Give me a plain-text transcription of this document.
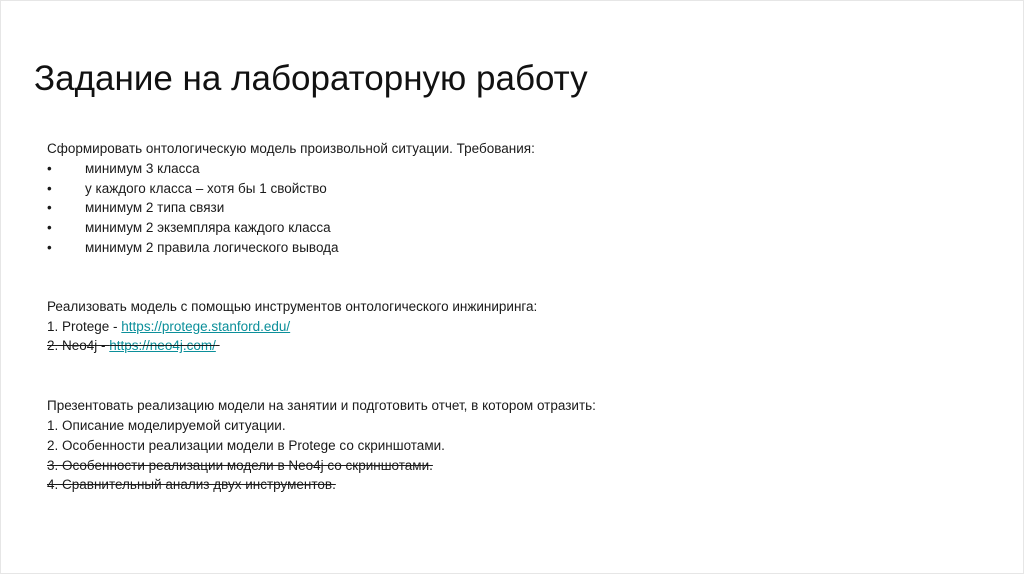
Задание на лабораторную работу
Сформировать онтологическую модель произвольной ситуации. Требования:
•	минимум 3 класса
•	у каждого класса – хотя бы 1 свойство
•	минимум 2 типа связи
•	минимум 2 экземпляра каждого класса
•	минимум 2 правила логического вывода
Реализовать модель с помощью инструментов онтологического инжиниринга:
1. Protege - https://protege.stanford.edu/
2. Neo4j - https://neo4j.com/
Презентовать реализацию модели на занятии и подготовить отчет, в котором отразить:
1. Описание моделируемой ситуации.
2. Особенности реализации модели в Protege со скриншотами.
3. Особенности реализации модели в Neo4j со скриншотами.
4. Сравнительный анализ двух инструментов.
